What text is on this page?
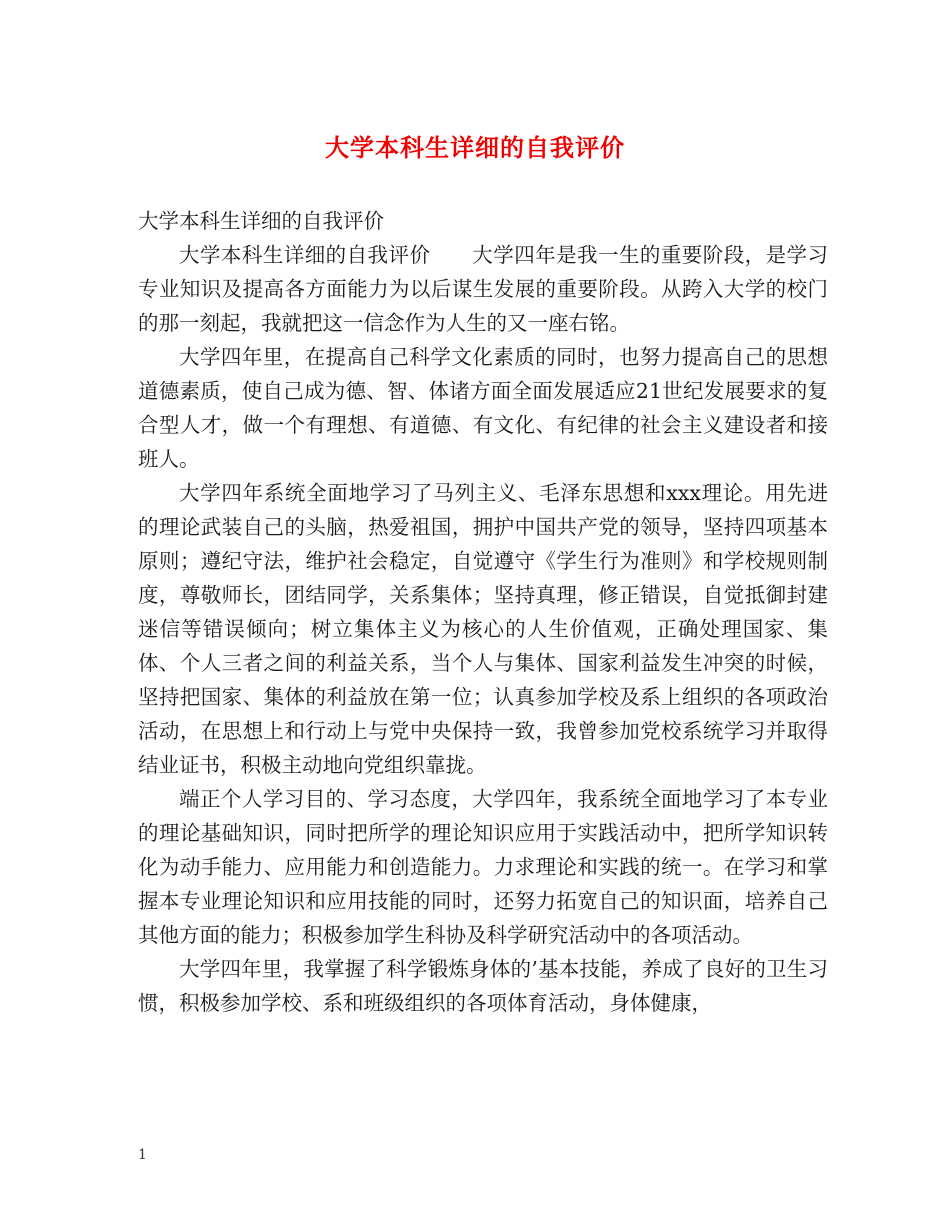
大学本科生详细的自我评价

大学本科生详细的自我评价

大学本科生详细的自我评价　　大学四年是我一生的重要阶段，是学习专业知识及提高各方面能力为以后谋生发展的重要阶段。从跨入大学的校门的那一刻起，我就把这一信念作为人生的又一座右铭。

大学四年里，在提高自己科学文化素质的同时，也努力提高自己的思想道德素质，使自己成为德、智、体诸方面全面发展适应21世纪发展要求的复合型人才，做一个有理想、有道德、有文化、有纪律的社会主义建设者和接班人。

大学四年系统全面地学习了马列主义、毛泽东思想和xxx理论。用先进的理论武装自己的头脑，热爱祖国，拥护中国共产党的领导，坚持四项基本原则；遵纪守法，维护社会稳定，自觉遵守《学生行为准则》和学校规则制度，尊敬师长，团结同学，关系集体；坚持真理，修正错误，自觉抵御封建迷信等错误倾向；树立集体主义为核心的人生价值观，正确处理国家、集体、个人三者之间的利益关系，当个人与集体、国家利益发生冲突的时候，坚持把国家、集体的利益放在第一位；认真参加学校及系上组织的各项政治活动，在思想上和行动上与党中央保持一致，我曾参加党校系统学习并取得结业证书，积极主动地向党组织靠拢。

端正个人学习目的、学习态度，大学四年，我系统全面地学习了本专业的理论基础知识，同时把所学的理论知识应用于实践活动中，把所学知识转化为动手能力、应用能力和创造能力。力求理论和实践的统一。在学习和掌握本专业理论知识和应用技能的同时，还努力拓宽自己的知识面，培养自己其他方面的能力；积极参加学生科协及科学研究活动中的各项活动。

大学四年里，我掌握了科学锻炼身体的’基本技能，养成了良好的卫生习惯，积极参加学校、系和班级组织的各项体育活动，身体健康，

1
